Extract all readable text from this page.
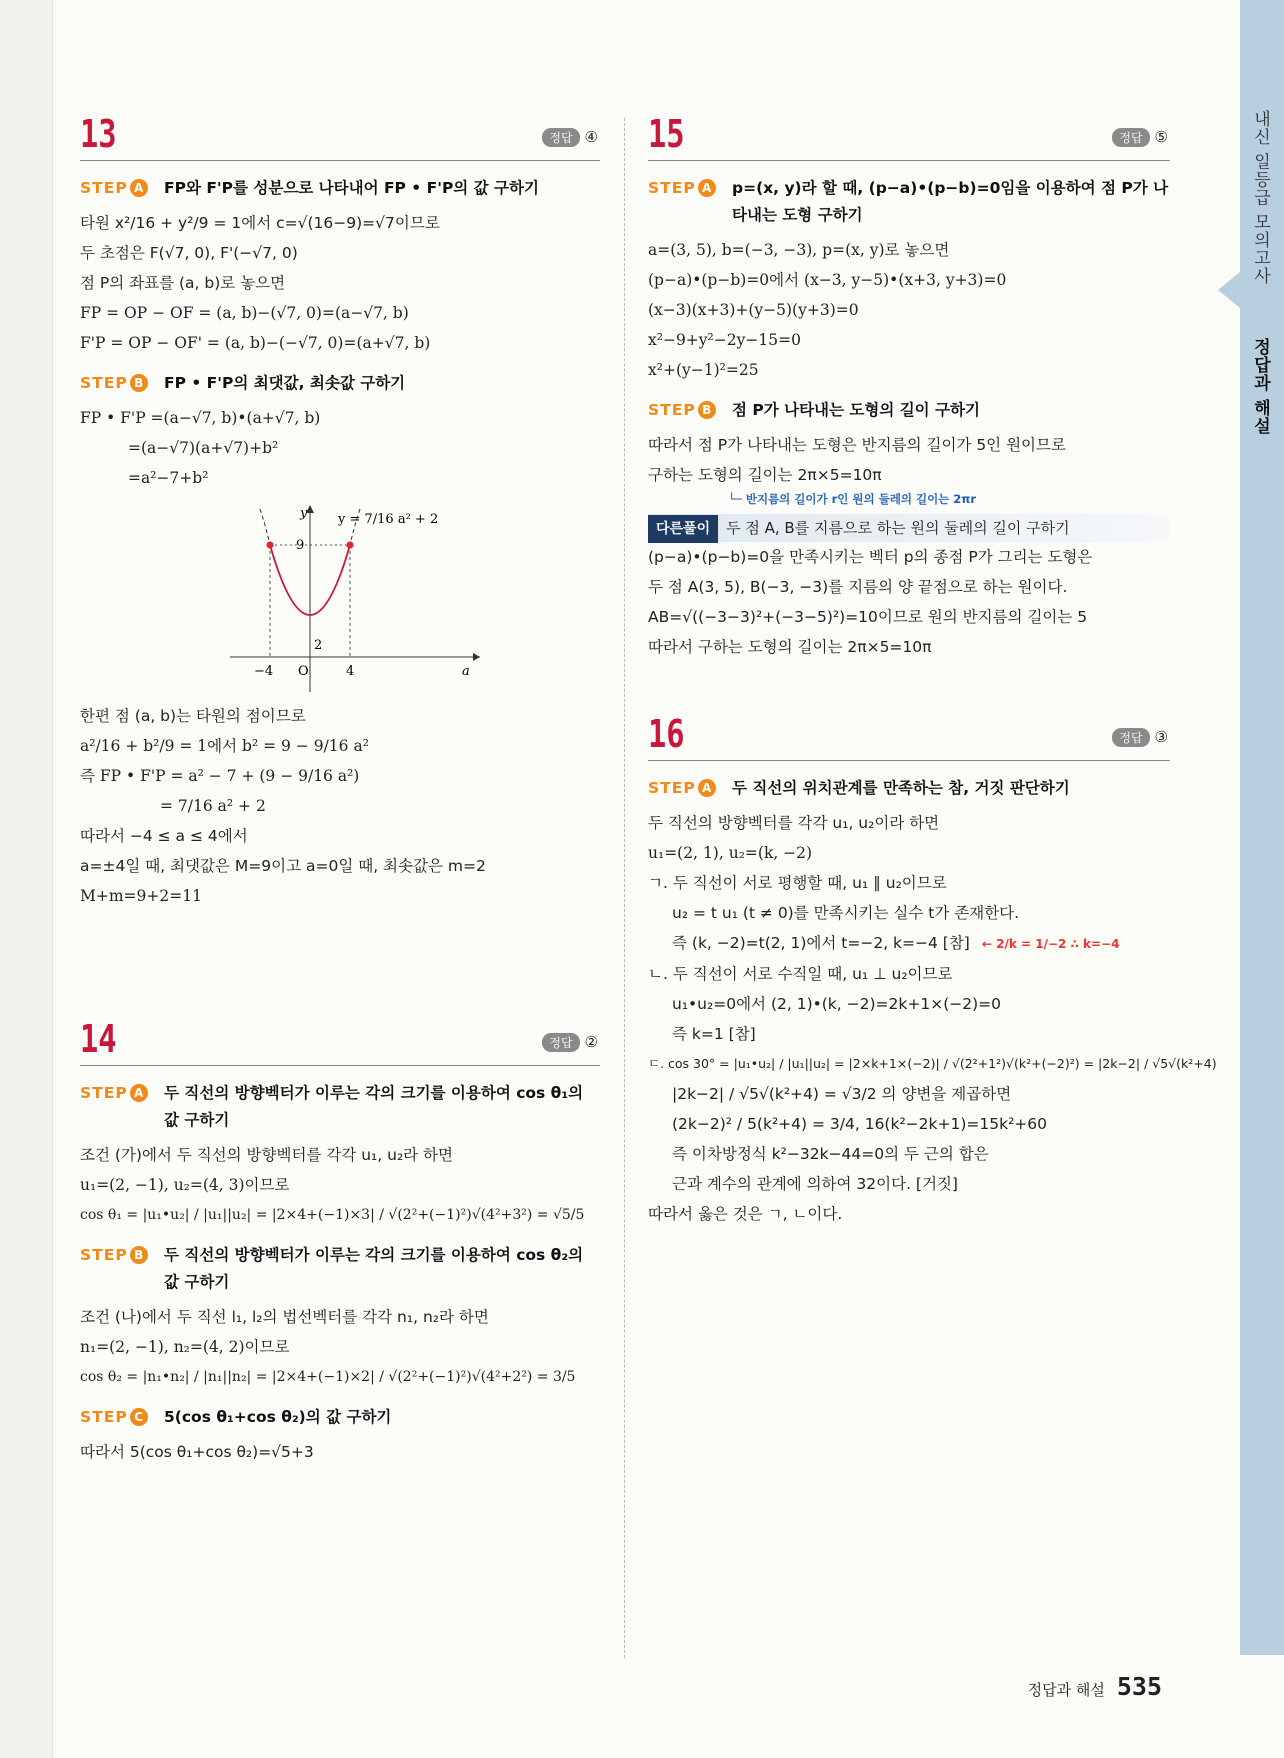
내신 일등급 모의고사
정답과 해설
13	정답 ④
STEP A FP와 F'P를 성분으로 나타내어 FP • F'P의 값 구하기
타원 x²/16 + y²/9 = 1에서 c=√(16−9)=√7이므로
두 초점은 F(√7, 0), F'(−√7, 0)
점 P의 좌표를 (a, b)로 놓으면
FP = OP − OF = (a, b)−(√7, 0)=(a−√7, b)
F'P = OP − OF' = (a, b)−(−√7, 0)=(a+√7, b)
STEP B FP • F'P의 최댓값, 최솟값 구하기
FP • F'P =(a−√7, b)•(a+√7, b)
=(a−√7)(a+√7)+b²
=a²−7+b²
y y = 7/16 a² + 2
9
2
−4 O	4	a
한편 점 (a, b)는 타원의 점이므로
a²/16 + b²/9 = 1에서 b² = 9 − 9/16 a²
즉 FP • F'P = a² − 7 + (9 − 9/16 a²)
= 7/16 a² + 2
따라서 −4 ≤ a ≤ 4에서
a=±4일 때, 최댓값은 M=9이고 a=0일 때, 최솟값은 m=2
M+m=9+2=11
14	정답 ②
STEP A 두 직선의 방향벡터가 이루는 각의 크기를 이용하여 cos θ₁의 값 구하기
조건 (가)에서 두 직선의 방향벡터를 각각 u₁, u₂라 하면
u₁=(2, −1), u₂=(4, 3)이므로
cos θ₁ = |u₁•u₂| / |u₁||u₂| = |2×4+(−1)×3| / √(2²+(−1)²)√(4²+3²) = √5/5
STEP B 두 직선의 방향벡터가 이루는 각의 크기를 이용하여 cos θ₂의 값 구하기
조건 (나)에서 두 직선 l₁, l₂의 법선벡터를 각각 n₁, n₂라 하면
n₁=(2, −1), n₂=(4, 2)이므로
cos θ₂ = |n₁•n₂| / |n₁||n₂| = |2×4+(−1)×2| / √(2²+(−1)²)√(4²+2²) = 3/5
STEP C 5(cos θ₁+cos θ₂)의 값 구하기
따라서 5(cos θ₁+cos θ₂)=√5+3
15	정답 ⑤
STEP A p=(x, y)라 할 때, (p−a)•(p−b)=0임을 이용하여 점 P가 나타내는 도형 구하기
a=(3, 5), b=(−3, −3), p=(x, y)로 놓으면
(p−a)•(p−b)=0에서 (x−3, y−5)•(x+3, y+3)=0
(x−3)(x+3)+(y−5)(y+3)=0
x²−9+y²−2y−15=0
x²+(y−1)²=25
STEP B 점 P가 나타내는 도형의 길이 구하기
따라서 점 P가 나타내는 도형은 반지름의 길이가 5인 원이므로
구하는 도형의 길이는 2π×5=10π
└─ 반지름의 길이가 r인 원의 둘레의 길이는 2πr
다른풀이 두 점 A, B를 지름으로 하는 원의 둘레의 길이 구하기
(p−a)•(p−b)=0을 만족시키는 벡터 p의 종점 P가 그리는 도형은
두 점 A(3, 5), B(−3, −3)를 지름의 양 끝점으로 하는 원이다.
AB=√((−3−3)²+(−3−5)²)=10이므로 원의 반지름의 길이는 5
따라서 구하는 도형의 길이는 2π×5=10π
16	정답 ③
STEP A 두 직선의 위치관계를 만족하는 참, 거짓 판단하기
두 직선의 방향벡터를 각각 u₁, u₂이라 하면
u₁=(2, 1), u₂=(k, −2)
ㄱ. 두 직선이 서로 평행할 때, u₁ ∥ u₂이므로
u₂ = t u₁ (t ≠ 0)를 만족시키는 실수 t가 존재한다.
즉 (k, −2)=t(2, 1)에서 t=−2, k=−4 [참] ← 2/k = 1/−2 ∴ k=−4
ㄴ. 두 직선이 서로 수직일 때, u₁ ⊥ u₂이므로
u₁•u₂=0에서 (2, 1)•(k, −2)=2k+1×(−2)=0
즉 k=1 [참]
ㄷ. cos 30° = |u₁•u₂| / |u₁||u₂| = |2×k+1×(−2)| / √(2²+1²)√(k²+(−2)²) = |2k−2| / √5√(k²+4)
|2k−2| / √5√(k²+4) = √3/2 의 양변을 제곱하면
(2k−2)² / 5(k²+4) = 3/4, 16(k²−2k+1)=15k²+60
즉 이차방정식 k²−32k−44=0의 두 근의 합은
근과 계수의 관계에 의하여 32이다. [거짓]
따라서 옳은 것은 ㄱ, ㄴ이다.
정답과 해설 535
